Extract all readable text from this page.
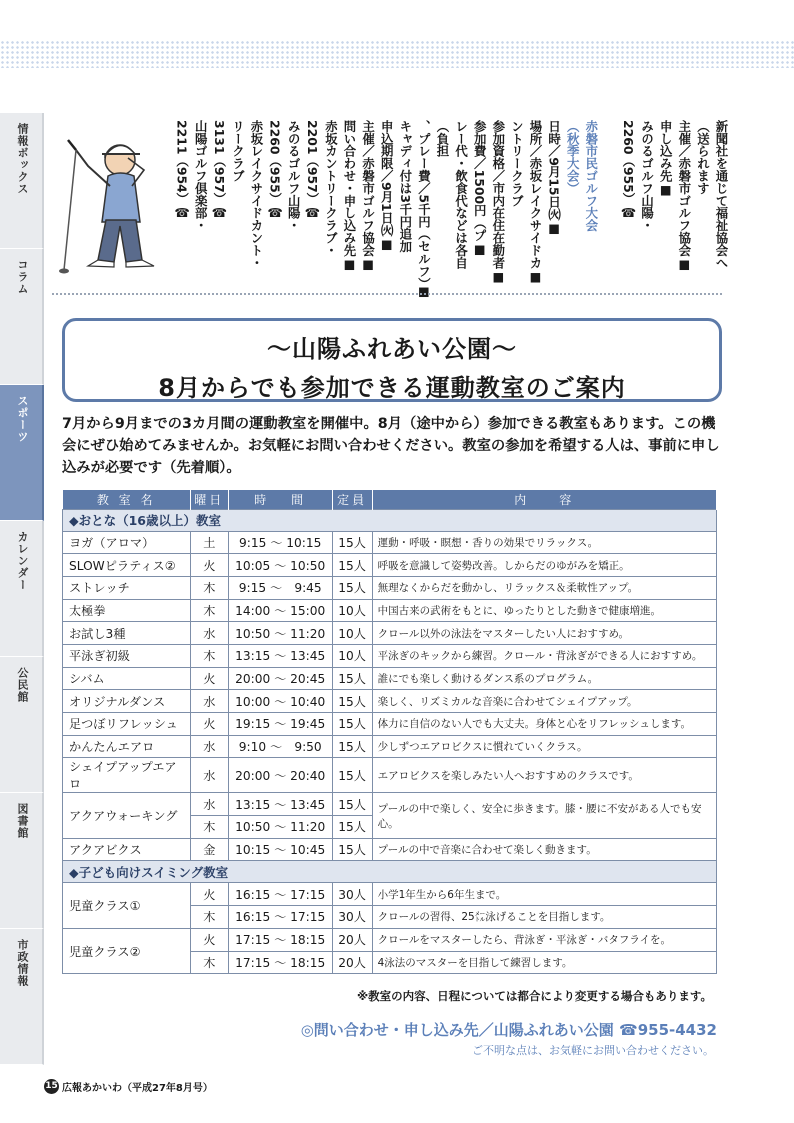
情報ボックス
コラム
スポーツ
カレンダー
公民館
図書館
市政情報
新聞社を通じて福祉協会へ
送られます）
■主催／赤磐市ゴルフ協会
■申し込み先
・みのるゴルフ山陽
☎（955）2260
赤磐市民ゴルフ大会
（秋季大会）
■日時／9月15日㈫
■場所／赤坂レイクサイドカ
ントリークラブ
■参加資格／市内在住在勤者
■参加費／1500円（プ
レー代・飲食代などは各自
負担）
■プレー費／5千円（セルフ）、
キャディ付は3千円追加
■申込期限／9月1日㈫
■主催／赤磐市ゴルフ協会
■問い合わせ・申し込み先
・赤坂カントリークラブ
☎（957）2201
・みのるゴルフ山陽
☎（955）2260
・赤坂レイクサイドカント
リークラブ
☎（957）3131
・山陽ゴルフ倶楽部
☎（954）2211
〜山陽ふれあい公園〜
8月からでも参加できる運動教室のご案内
7月から9月までの3カ月間の運動教室を開催中。8月（途中から）参加できる教室もあります。この機会にぜひ始めてみませんか。お気軽にお問い合わせください。教室の参加を希望する人は、事前に申し込みが必要です（先着順）。
教 室 名	曜日	時　 間	定員	内　　容
◆おとな（16歳以上）教室				
ヨガ（アロマ）	土	9:15 〜 10:15	15人	運動・呼吸・瞑想・香りの効果でリラックス。
SLOWピラティス②	火	10:05 〜 10:50	15人	呼吸を意識して姿勢改善。しからだのゆがみを矯正。
ストレッチ	木	9:15 〜　9:45	15人	無理なくからだを動かし、リラックス＆柔軟性アップ。
太極拳	木	14:00 〜 15:00	10人	中国古来の武術をもとに、ゆったりとした動きで健康増進。
お試し3種	水	10:50 〜 11:20	10人	クロール以外の泳法をマスターしたい人におすすめ。
平泳ぎ初級	木	13:15 〜 13:45	10人	平泳ぎのキックから練習。クロール・背泳ぎができる人におすすめ。
シバム	火	20:00 〜 20:45	15人	誰にでも楽しく動けるダンス系のプログラム。
オリジナルダンス	水	10:00 〜 10:40	15人	楽しく、リズミカルな音楽に合わせてシェイプアップ。
足つぼリフレッシュ	火	19:15 〜 19:45	15人	体力に自信のない人でも大丈夫。身体と心をリフレッシュします。
かんたんエアロ	水	9:10 〜　9:50	15人	少しずつエアロビクスに慣れていくクラス。
シェイプアップエアロ	水	20:00 〜 20:40	15人	エアロビクスを楽しみたい人へおすすめのクラスです。
アクアウォーキング	水	13:15 〜 13:45	15人	プールの中で楽しく、安全に歩きます。膝・腰に不安がある人でも安心。
	木	10:50 〜 11:20	15人	
アクアビクス	金	10:15 〜 10:45	15人	プールの中で音楽に合わせて楽しく動きます。
◆子ども向けスイミング教室				
児童クラス①	火	16:15 〜 17:15	30人	小学1年生から6年生まで。
	木	16:15 〜 17:15	30人	クロールの習得、25㍍泳げることを目指します。
児童クラス②	火	17:15 〜 18:15	20人	クロールをマスターしたら、背泳ぎ・平泳ぎ・バタフライを。
	木	17:15 〜 18:15	20人	4泳法のマスターを目指して練習します。
※教室の内容、日程については都合により変更する場合もあります。
◎問い合わせ・申し込み先／山陽ふれあい公園 ☎955-4432
ご不明な点は、お気軽にお問い合わせください。
15 広報あかいわ（平成27年8月号）
